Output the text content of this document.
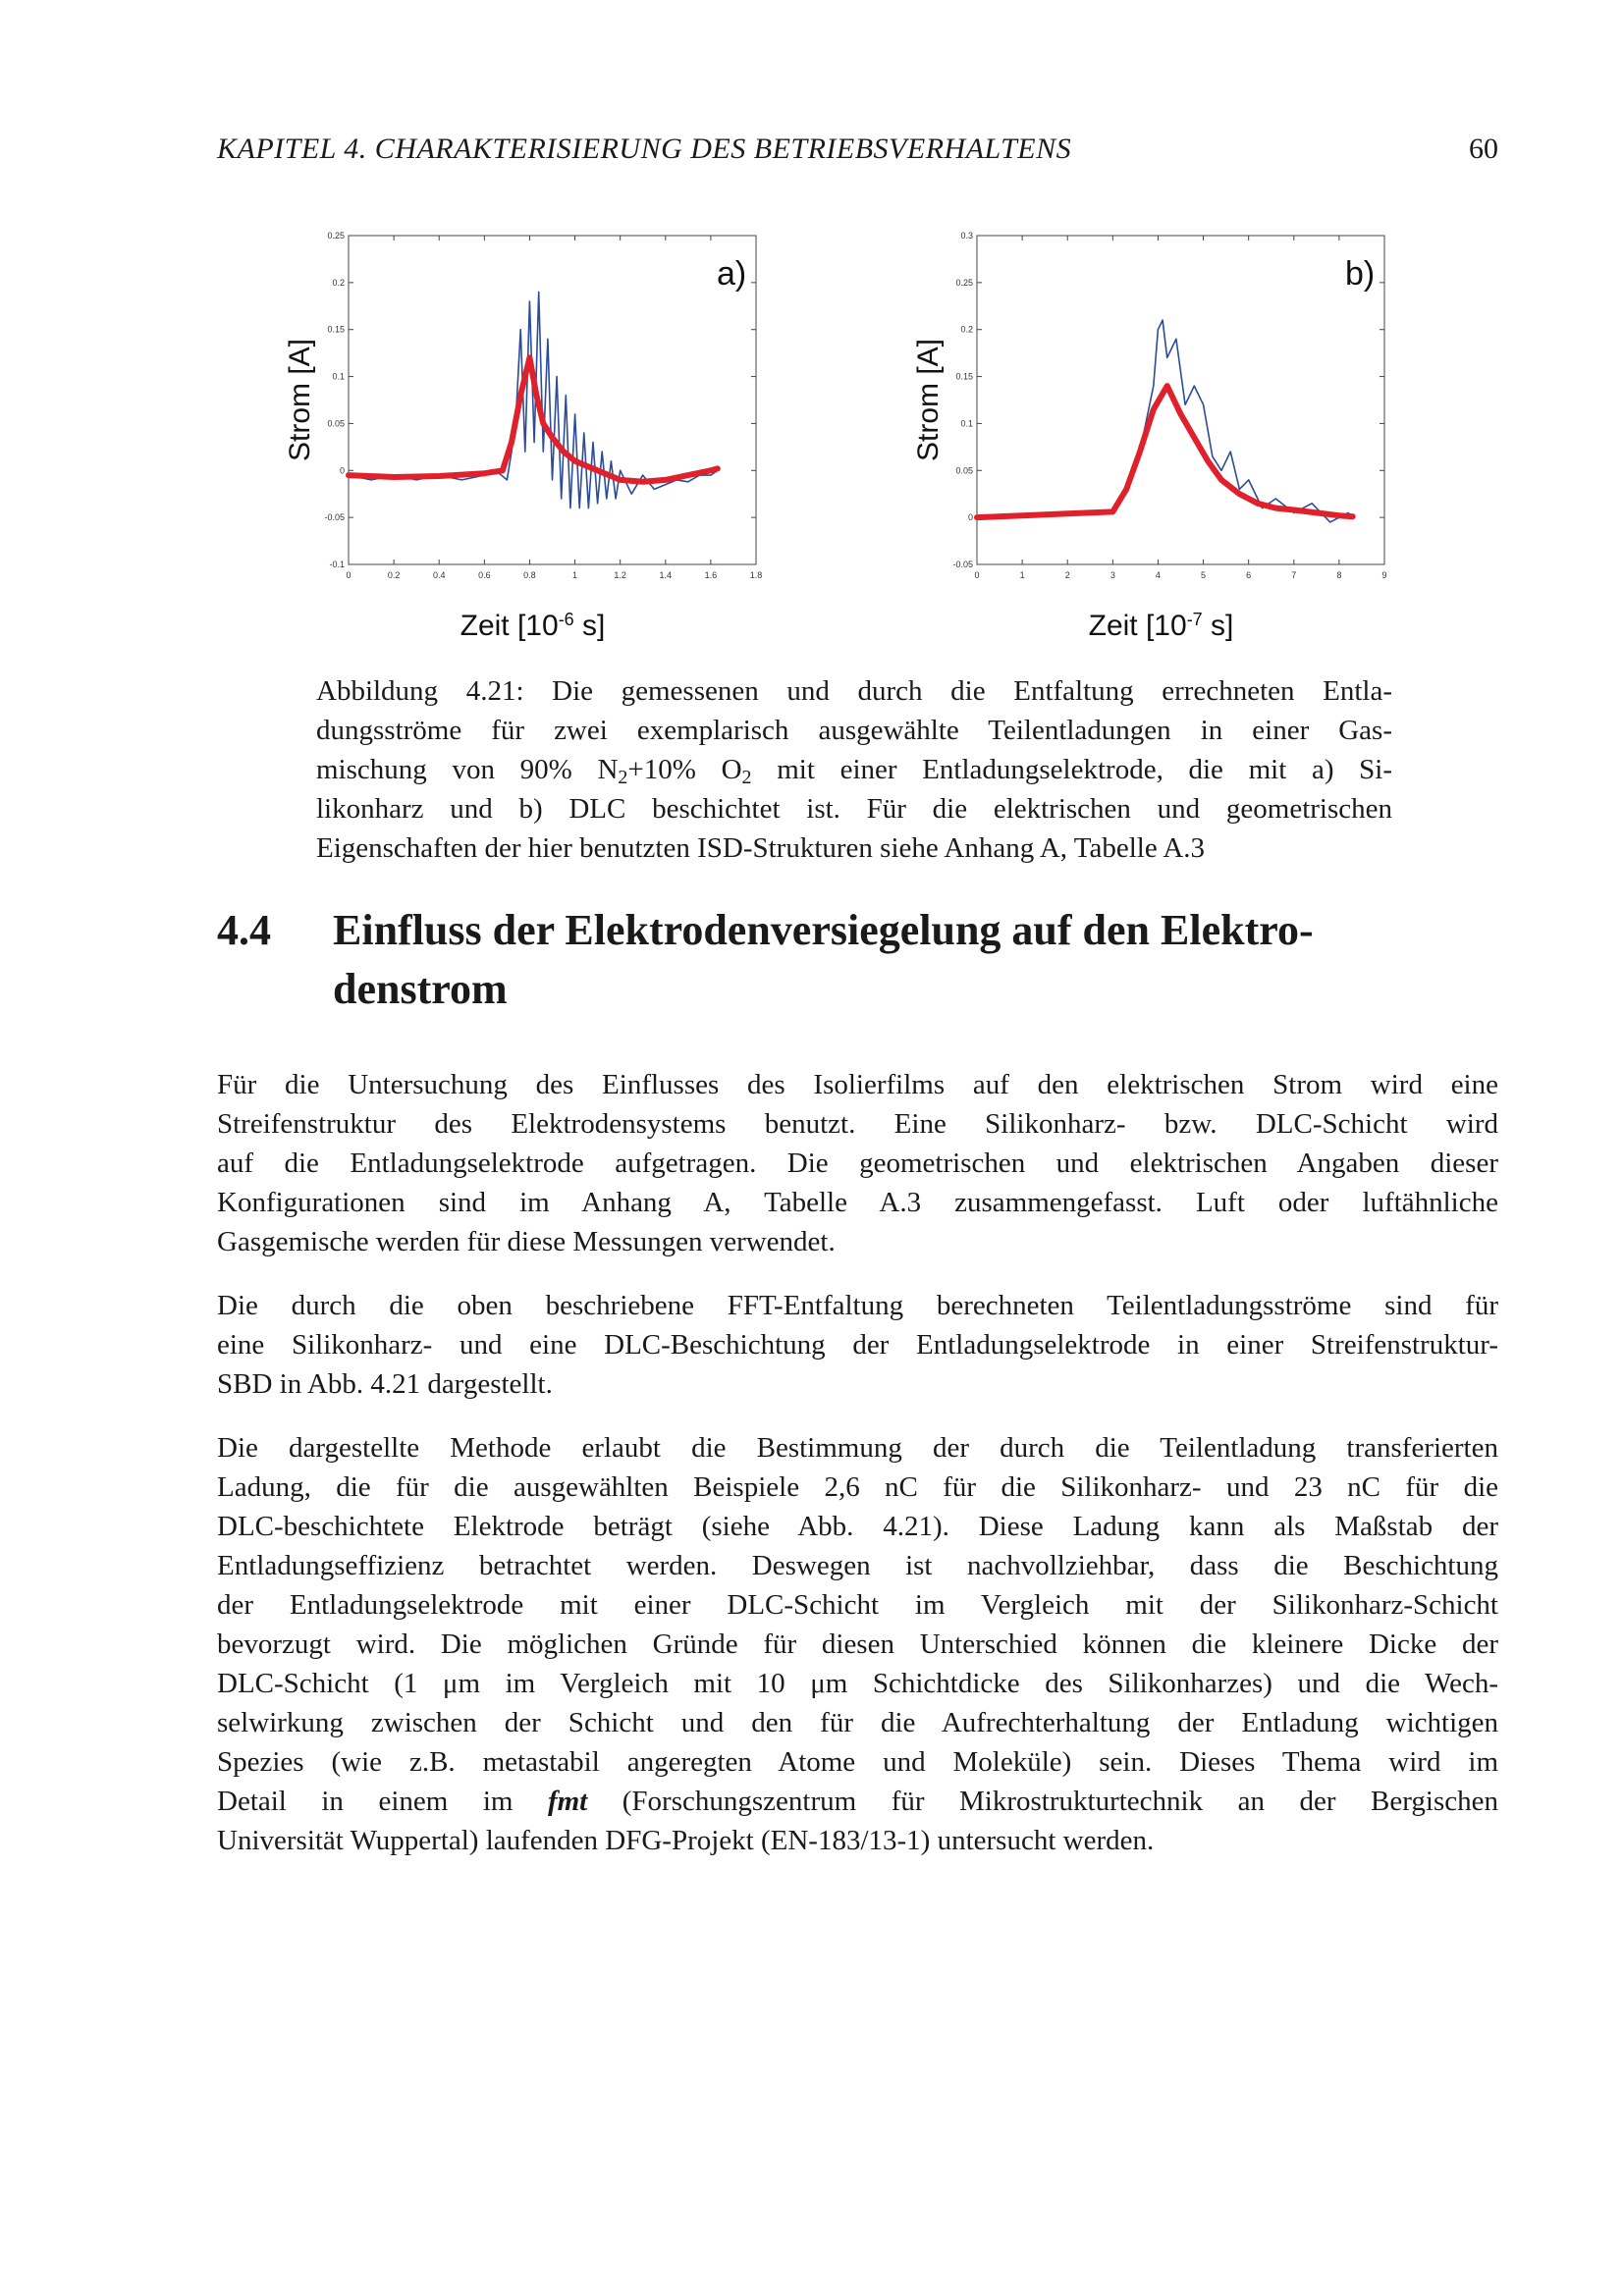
KAPITEL 4. CHARAKTERISIERUNG DES BETRIEBSVERHALTENS	60
0	0.2	0.4	0.6	0.8	1	1.2	1.4	1.6	1.8
-0.1
-0.05
0
0.05
0.1
0.15
0.2
0.25
a)
Strom [A]
Zeit [$10^{-6}$ s]
0	1	2	3	4	5	6	7	8	9
-0.05
0
0.05
0.1
0.15
0.2
0.25
0.3
b)
Strom [A]
Zeit [$10^{-7}$ s]
Abbildung 4.21: Die gemessenen und durch die Entfaltung errechneten Entla-
dungsströme für zwei exemplarisch ausgewählte Teilentladungen in einer Gas-
mischung von 90% $N_2+10\%$ $O_2$ mit einer Entladungselektrode, die mit a) Si-
likonharz und b) DLC beschichtet ist. Für die elektrischen und geometrischen
Eigenschaften der hier benutzten ISD-Strukturen siehe Anhang A, Tabelle A.3
4.4 Einfluss der Elektrodenversiegelung auf den Elektro-
denstrom
Für die Untersuchung des Einflusses des Isolierfilms auf den elektrischen Strom wird eine
Streifenstruktur des Elektrodensystems benutzt. Eine Silikonharz- bzw. DLC-Schicht wird
auf die Entladungselektrode aufgetragen. Die geometrischen und elektrischen Angaben dieser
Konfigurationen sind im Anhang A, Tabelle A.3 zusammengefasst. Luft oder luftähnliche
Gasgemische werden für diese Messungen verwendet.
Die durch die oben beschriebene FFT-Entfaltung berechneten Teilentladungsströme sind für
eine Silikonharz- und eine DLC-Beschichtung der Entladungselektrode in einer Streifenstruktur-
SBD in Abb. 4.21 dargestellt.
Die dargestellte Methode erlaubt die Bestimmung der durch die Teilentladung transferierten
Ladung, die für die ausgewählten Beispiele 2,6 nC für die Silikonharz- und 23 nC für die
DLC-beschichtete Elektrode beträgt (siehe Abb. 4.21). Diese Ladung kann als Maßstab der
Entladungseffizienz betrachtet werden. Deswegen ist nachvollziehbar, dass die Beschichtung
der Entladungselektrode mit einer DLC-Schicht im Vergleich mit der Silikonharz-Schicht
bevorzugt wird. Die möglichen Gründe für diesen Unterschied können die kleinere Dicke der
DLC-Schicht (1 μm im Vergleich mit 10 μm Schichtdicke des Silikonharzes) und die Wech-
selwirkung zwischen der Schicht und den für die Aufrechterhaltung der Entladung wichtigen
Spezies (wie z.B. metastabil angeregten Atome und Moleküle) sein. Dieses Thema wird im
Detail in einem im fmt (Forschungszentrum für Mikrostrukturtechnik an der Bergischen
Universität Wuppertal) laufenden DFG-Projekt (EN-183/13-1) untersucht werden.
